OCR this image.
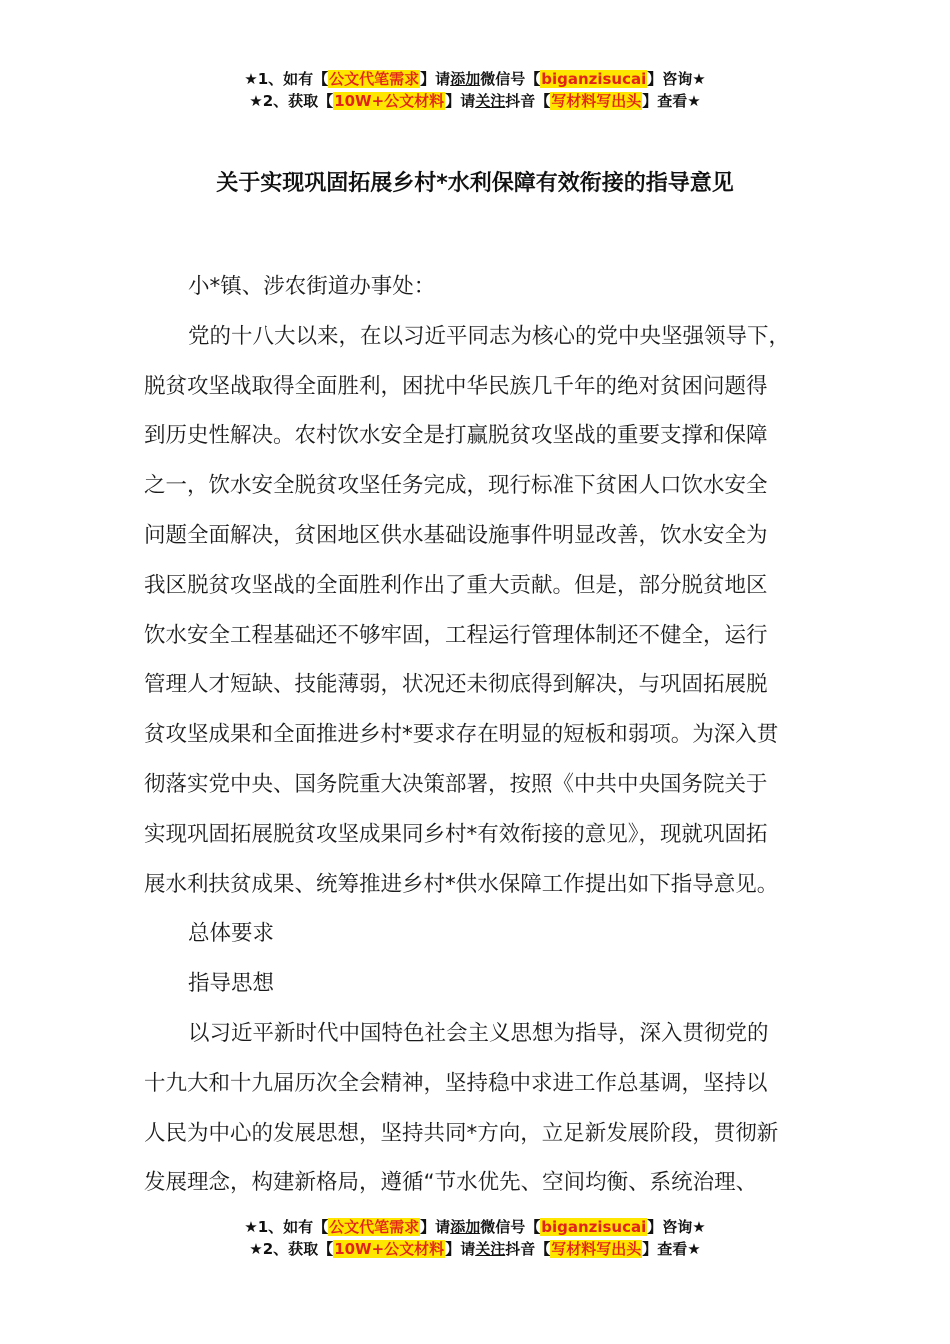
★1、如有【公文代笔需求】请添加微信号【biganzisucai】咨询★
★2、获取【10W+公文材料】请关注抖音【写材料写出头】查看★
关于实现巩固拓展乡村*水利保障有效衔接的指导意见

小*镇、涉农街道办事处：

党的十八大以来，在以习近平同志为核心的党中央坚强领导下，

脱贫攻坚战取得全面胜利，困扰中华民族几千年的绝对贫困问题得

到历史性解决。农村饮水安全是打赢脱贫攻坚战的重要支撑和保障

之一，饮水安全脱贫攻坚任务完成，现行标准下贫困人口饮水安全

问题全面解决，贫困地区供水基础设施事件明显改善，饮水安全为

我区脱贫攻坚战的全面胜利作出了重大贡献。但是，部分脱贫地区

饮水安全工程基础还不够牢固，工程运行管理体制还不健全，运行

管理人才短缺、技能薄弱，状况还未彻底得到解决，与巩固拓展脱

贫攻坚成果和全面推进乡村*要求存在明显的短板和弱项。为深入贯

彻落实党中央、国务院重大决策部署，按照《中共中央国务院关于

实现巩固拓展脱贫攻坚成果同乡村*有效衔接的意见》，现就巩固拓

展水利扶贫成果、统筹推进乡村*供水保障工作提出如下指导意见。

总体要求

指导思想

以习近平新时代中国特色社会主义思想为指导，深入贯彻党的

十九大和十九届历次全会精神，坚持稳中求进工作总基调，坚持以

人民为中心的发展思想，坚持共同*方向，立足新发展阶段，贯彻新

发展理念，构建新格局，遵循“节水优先、空间均衡、系统治理、

★1、如有【公文代笔需求】请添加微信号【biganzisucai】咨询★
★2、获取【10W+公文材料】请关注抖音【写材料写出头】查看★
